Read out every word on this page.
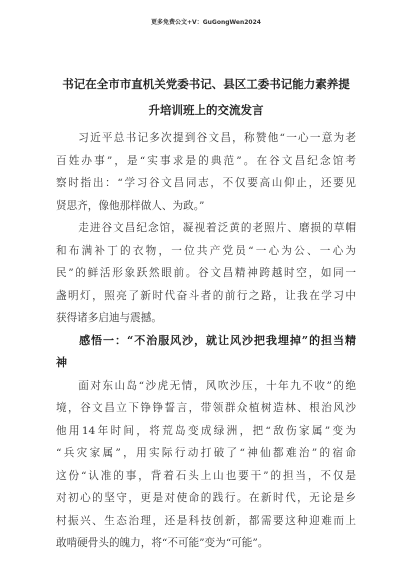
更多免费公文+V：GuGongWen2024
书记在全市市直机关党委书记、县区工委书记能力素养提
升培训班上的交流发言

习近平总书记多次提到谷文昌，称赞他“一心一意为老
百姓办事”，是“实事求是的典范”。在谷文昌纪念馆考
察时指出：“学习谷文昌同志，不仅要高山仰止，还要见
贤思齐，像他那样做人、为政。”

走进谷文昌纪念馆，凝视着泛黄的老照片、磨损的草帽
和布满补丁的衣物，一位共产党员“一心为公、一心为
民”的鲜活形象跃然眼前。谷文昌精神跨越时空，如同一
盏明灯，照亮了新时代奋斗者的前行之路，让我在学习中
获得诸多启迪与震撼。

感悟一：“不治服风沙，就让风沙把我埋掉”的担当精
神

面对东山岛“沙虎无情，风吹沙压，十年九不收”的绝
境，谷文昌立下铮铮誓言，带领群众植树造林、根治风沙
他用14年时间，将荒岛变成绿洲，把“敌伤家属”变为
“兵灾家属”，用实际行动打破了“神仙都难治”的宿命
这份“认准的事，背着石头上山也要干”的担当，不仅是
对初心的坚守，更是对使命的践行。在新时代，无论是乡
村振兴、生态治理，还是科技创新，都需要这种迎难而上
敢啃硬骨头的魄力，将“不可能”变为“可能”。
